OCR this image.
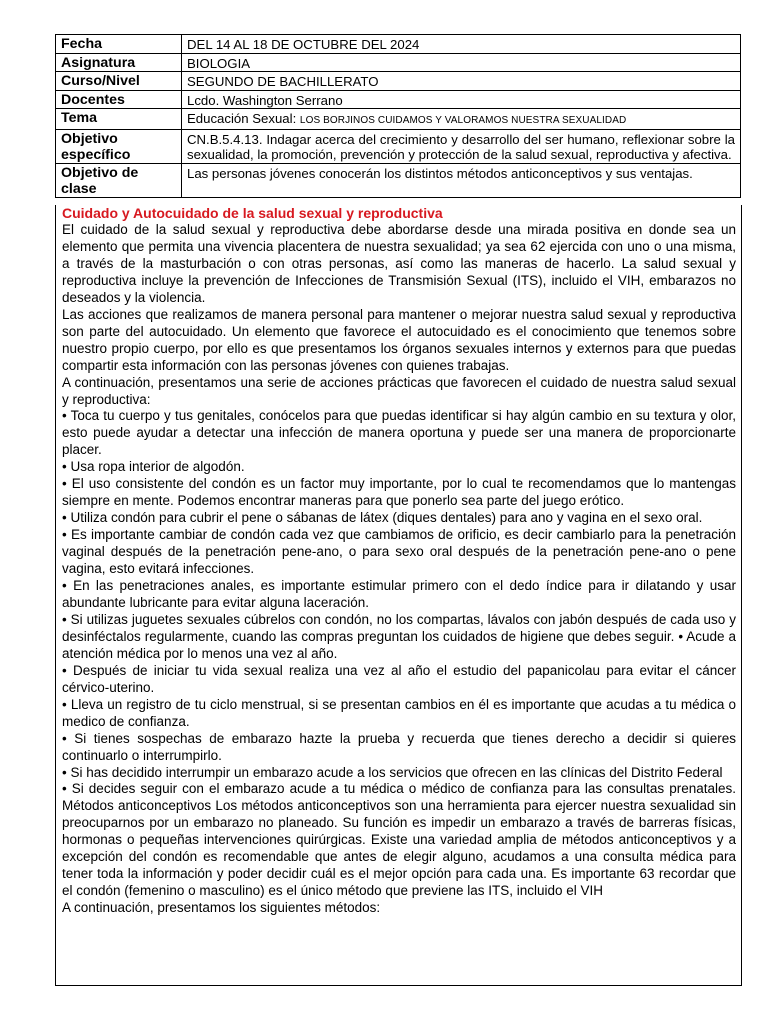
Fecha	DEL 14 AL 18 DE OCTUBRE DEL 2024
Asignatura	BIOLOGIA
Curso/Nivel	SEGUNDO DE BACHILLERATO
Docentes	Lcdo. Washington Serrano
Tema	Educación Sexual: LOS BORJINOS CUIDAMOS Y VALORAMOS NUESTRA SEXUALIDAD
Objetivo específico	CN.B.5.4.13. Indagar acerca del crecimiento y desarrollo del ser humano, reflexionar sobre la sexualidad, la promoción, prevención y protección de la salud sexual, reproductiva y afectiva.
Objetivo de clase	Las personas jóvenes conocerán los distintos métodos anticonceptivos y sus ventajas.
Cuidado y Autocuidado de la salud sexual y reproductiva

El cuidado de la salud sexual y reproductiva debe abordarse desde una mirada positiva en donde sea un elemento que permita una vivencia placentera de nuestra sexualidad; ya sea 62 ejercida con uno o una misma, a través de la masturbación o con otras personas, así como las maneras de hacerlo. La salud sexual y reproductiva incluye la prevención de Infecciones de Transmisión Sexual (ITS), incluido el VIH, embarazos no deseados y la violencia.

Las acciones que realizamos de manera personal para mantener o mejorar nuestra salud sexual y reproductiva son parte del autocuidado. Un elemento que favorece el autocuidado es el conocimiento que tenemos sobre nuestro propio cuerpo, por ello es que presentamos los órganos sexuales internos y externos para que puedas compartir esta información con las personas jóvenes con quienes trabajas.

A continuación, presentamos una serie de acciones prácticas que favorecen el cuidado de nuestra salud sexual y reproductiva:

• Toca tu cuerpo y tus genitales, conócelos para que puedas identificar si hay algún cambio en su textura y olor, esto puede ayudar a detectar una infección de manera oportuna y puede ser una manera de proporcionarte placer.

• Usa ropa interior de algodón.

• El uso consistente del condón es un factor muy importante, por lo cual te recomendamos que lo mantengas siempre en mente. Podemos encontrar maneras para que ponerlo sea parte del juego erótico.

• Utiliza condón para cubrir el pene o sábanas de látex (diques dentales) para ano y vagina en el sexo oral.

• Es importante cambiar de condón cada vez que cambiamos de orificio, es decir cambiarlo para la penetración vaginal después de la penetración pene-ano, o para sexo oral después de la penetración pene-ano o pene vagina, esto evitará infecciones.

• En las penetraciones anales, es importante estimular primero con el dedo índice para ir dilatando y usar abundante lubricante para evitar alguna laceración.

• Si utilizas juguetes sexuales cúbrelos con condón, no los compartas, lávalos con jabón después de cada uso y desinféctalos regularmente, cuando las compras preguntan los cuidados de higiene que debes seguir. • Acude a atención médica por lo menos una vez al año.

• Después de iniciar tu vida sexual realiza una vez al año el estudio del papanicolau para evitar el cáncer cérvico-uterino.

• Lleva un registro de tu ciclo menstrual, si se presentan cambios en él es importante que acudas a tu médica o medico de confianza.

• Si tienes sospechas de embarazo hazte la prueba y recuerda que tienes derecho a decidir si quieres continuarlo o interrumpirlo.

• Si has decidido interrumpir un embarazo acude a los servicios que ofrecen en las clínicas del Distrito Federal

• Si decides seguir con el embarazo acude a tu médica o médico de confianza para las consultas prenatales. Métodos anticonceptivos Los métodos anticonceptivos son una herramienta para ejercer nuestra sexualidad sin preocuparnos por un embarazo no planeado. Su función es impedir un embarazo a través de barreras físicas, hormonas o pequeñas intervenciones quirúrgicas. Existe una variedad amplia de métodos anticonceptivos y a excepción del condón es recomendable que antes de elegir alguno, acudamos a una consulta médica para tener toda la información y poder decidir cuál es el mejor opción para cada una. Es importante 63 recordar que el condón (femenino o masculino) es el único método que previene las ITS, incluido el VIH

A continuación, presentamos los siguientes métodos:
